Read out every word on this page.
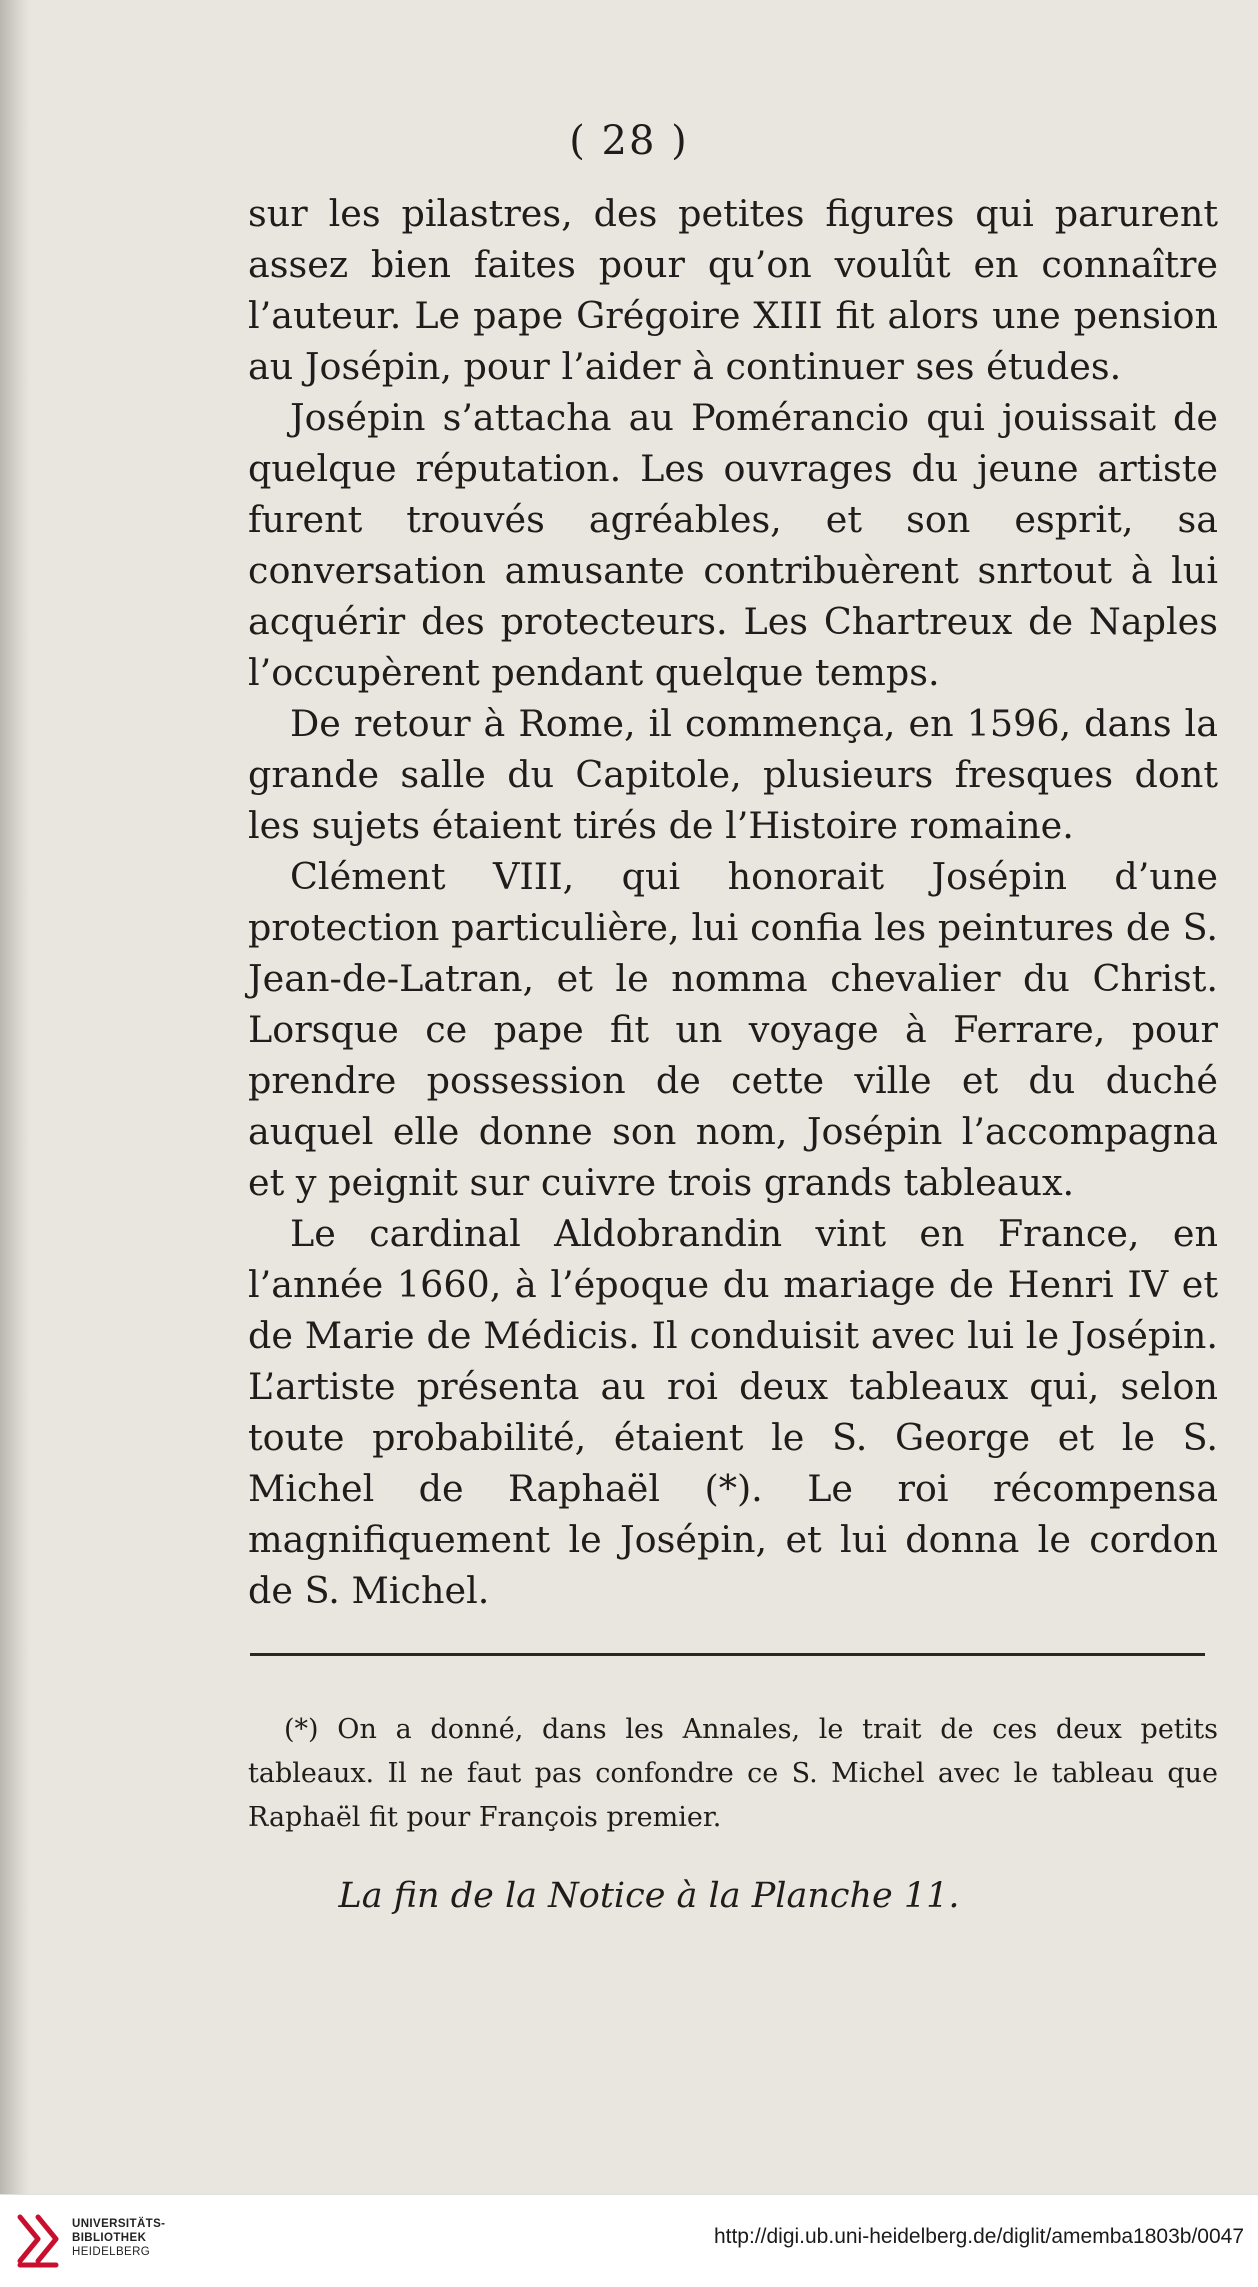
( 28 )

sur les pilastres, des petites figures qui parurent assez bien faites pour qu’on voulût en connaître l’auteur. Le pape Grégoire XIII fit alors une pension au Josépin, pour l’aider à continuer ses études.

Josépin s’attacha au Pomérancio qui jouissait de quelque réputation. Les ouvrages du jeune artiste furent trouvés agréables, et son esprit, sa conversation amusante contribuèrent snrtout à lui acquérir des protecteurs. Les Chartreux de Naples l’occupèrent pendant quelque temps.

De retour à Rome, il commença, en 1596, dans la grande salle du Capitole, plusieurs fresques dont les sujets étaient tirés de l’Histoire romaine.

Clément VIII, qui honorait Josépin d’une protection particulière, lui confia les peintures de S. Jean-de-Latran, et le nomma chevalier du Christ. Lorsque ce pape fit un voyage à Ferrare, pour prendre possession de cette ville et du duché auquel elle donne son nom, Josépin l’accompagna et y peignit sur cuivre trois grands tableaux.

Le cardinal Aldobrandin vint en France, en l’année 1660, à l’époque du mariage de Henri IV et de Marie de Médicis. Il conduisit avec lui le Josépin. L’artiste présenta au roi deux tableaux qui, selon toute probabilité, étaient le S. George et le S. Michel de Raphaël (*). Le roi récompensa magnifiquement le Josépin, et lui donna le cordon de S. Michel.

(*) On a donné, dans les Annales, le trait de ces deux petits tableaux. Il ne faut pas confondre ce S. Michel avec le tableau que Raphaël fit pour François premier.

La fin de la Notice à la Planche 11.
UNIVERSITÄTS-
BIBLIOTHEK
HEIDELBERG
http://digi.ub.uni-heidelberg.de/diglit/amemba1803b/0047
